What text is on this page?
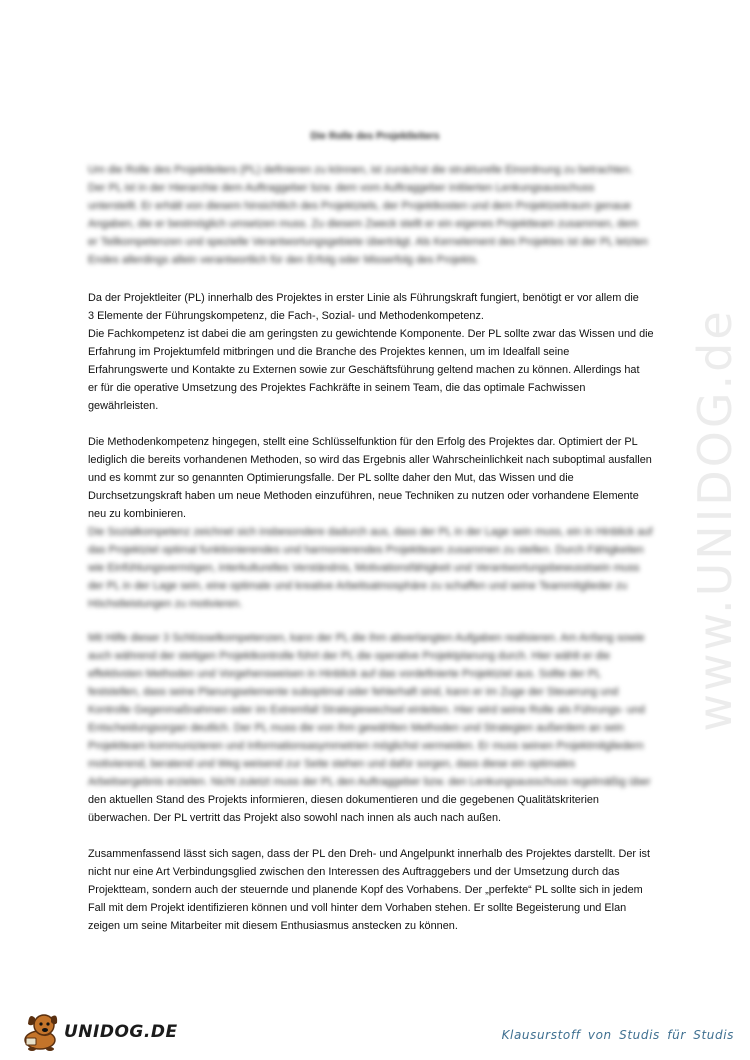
Die Rolle des Projektleiters
Um die Rolle des Projektleiters (PL) definieren zu können, ist zunächst die strukturelle Einordnung zu betrachten.
Der PL ist in der Hierarchie dem Auftraggeber bzw. dem vom Auftraggeber initiierten Lenkungsausschuss
unterstellt. Er erhält von diesem hinsichtlich des Projektziels, der Projektkosten und dem Projektzeitraum genaue
Angaben, die er bestmöglich umsetzen muss. Zu diesem Zweck stellt er ein eigenes Projektteam zusammen, dem
er Teilkompetenzen und spezielle Verantwortungsgebiete überträgt. Als Kernelement des Projektes ist der PL letzten
Endes allerdings allein verantwortlich für den Erfolg oder Misserfolg des Projekts.
Da der Projektleiter (PL) innerhalb des Projektes in erster Linie als Führungskraft fungiert, benötigt er vor allem die
3 Elemente der Führungskompetenz, die Fach-, Sozial- und Methodenkompetenz.
Die Fachkompetenz ist dabei die am geringsten zu gewichtende Komponente. Der PL sollte zwar das Wissen und die
Erfahrung im Projektumfeld mitbringen und die Branche des Projektes kennen, um im Idealfall seine
Erfahrungswerte und Kontakte zu Externen sowie zur Geschäftsführung geltend machen zu können. Allerdings hat
er für die operative Umsetzung des Projektes Fachkräfte in seinem Team, die das optimale Fachwissen
gewährleisten.
Die Methodenkompetenz hingegen, stellt eine Schlüsselfunktion für den Erfolg des Projektes dar. Optimiert der PL
lediglich die bereits vorhandenen Methoden, so wird das Ergebnis aller Wahrscheinlichkeit nach suboptimal ausfallen
und es kommt zur so genannten Optimierungsfalle. Der PL sollte daher den Mut, das Wissen und die
Durchsetzungskraft haben um neue Methoden einzuführen, neue Techniken zu nutzen oder vorhandene Elemente
neu zu kombinieren.
Die Sozialkompetenz zeichnet sich insbesondere dadurch aus, dass der PL in der Lage sein muss, ein in Hinblick auf
das Projektziel optimal funktionierendes und harmonierendes Projektteam zusammen zu stellen. Durch Fähigkeiten
wie Einfühlungsvermögen, interkulturelles Verständnis, Motivationsfähigkeit und Verantwortungsbewusstsein muss
der PL in der Lage sein, eine optimale und kreative Arbeitsatmosphäre zu schaffen und seine Teammitglieder zu
Höchstleistungen zu motivieren.
Mit Hilfe dieser 3 Schlüsselkompetenzen, kann der PL die ihm abverlangten Aufgaben realisieren. Am Anfang sowie
auch während der stetigen Projektkontrolle führt der PL die operative Projektplanung durch. Hier wählt er die
effektivsten Methoden und Vorgehensweisen in Hinblick auf das vordefinierte Projektziel aus. Sollte der PL
feststellen, dass seine Planungselemente suboptimal oder fehlerhaft sind, kann er im Zuge der Steuerung und
Kontrolle Gegenmaßnahmen oder im Extremfall Strategiewechsel einleiten. Hier wird seine Rolle als Führungs- und
Entscheidungsorgan deutlich. Der PL muss die von ihm gewählten Methoden und Strategien außerdem an sein
Projektteam kommunizieren und Informationsasymmetrien möglichst vermeiden. Er muss seinen Projektmitgliedern
motivierend, beratend und Weg weisend zur Seite stehen und dafür sorgen, dass diese ein optimales
Arbeitsergebnis erzielen. Nicht zuletzt muss der PL den Auftraggeber bzw. den Lenkungsausschuss regelmäßig über
den aktuellen Stand des Projekts informieren, diesen dokumentieren und die gegebenen Qualitätskriterien
überwachen. Der PL vertritt das Projekt also sowohl nach innen als auch nach außen.
Zusammenfassend lässt sich sagen, dass der PL den Dreh- und Angelpunkt innerhalb des Projektes darstellt. Der ist
nicht nur eine Art Verbindungsglied zwischen den Interessen des Auftraggebers und der Umsetzung durch das
Projektteam, sondern auch der steuernde und planende Kopf des Vorhabens. Der „perfekte“ PL sollte sich in jedem
Fall mit dem Projekt identifizieren können und voll hinter dem Vorhaben stehen. Er sollte Begeisterung und Elan
zeigen um seine Mitarbeiter mit diesem Enthusiasmus anstecken zu können.
www.UNIDOG.de
UNIDOG.DE	Klausurstoff von Studis für Studis
